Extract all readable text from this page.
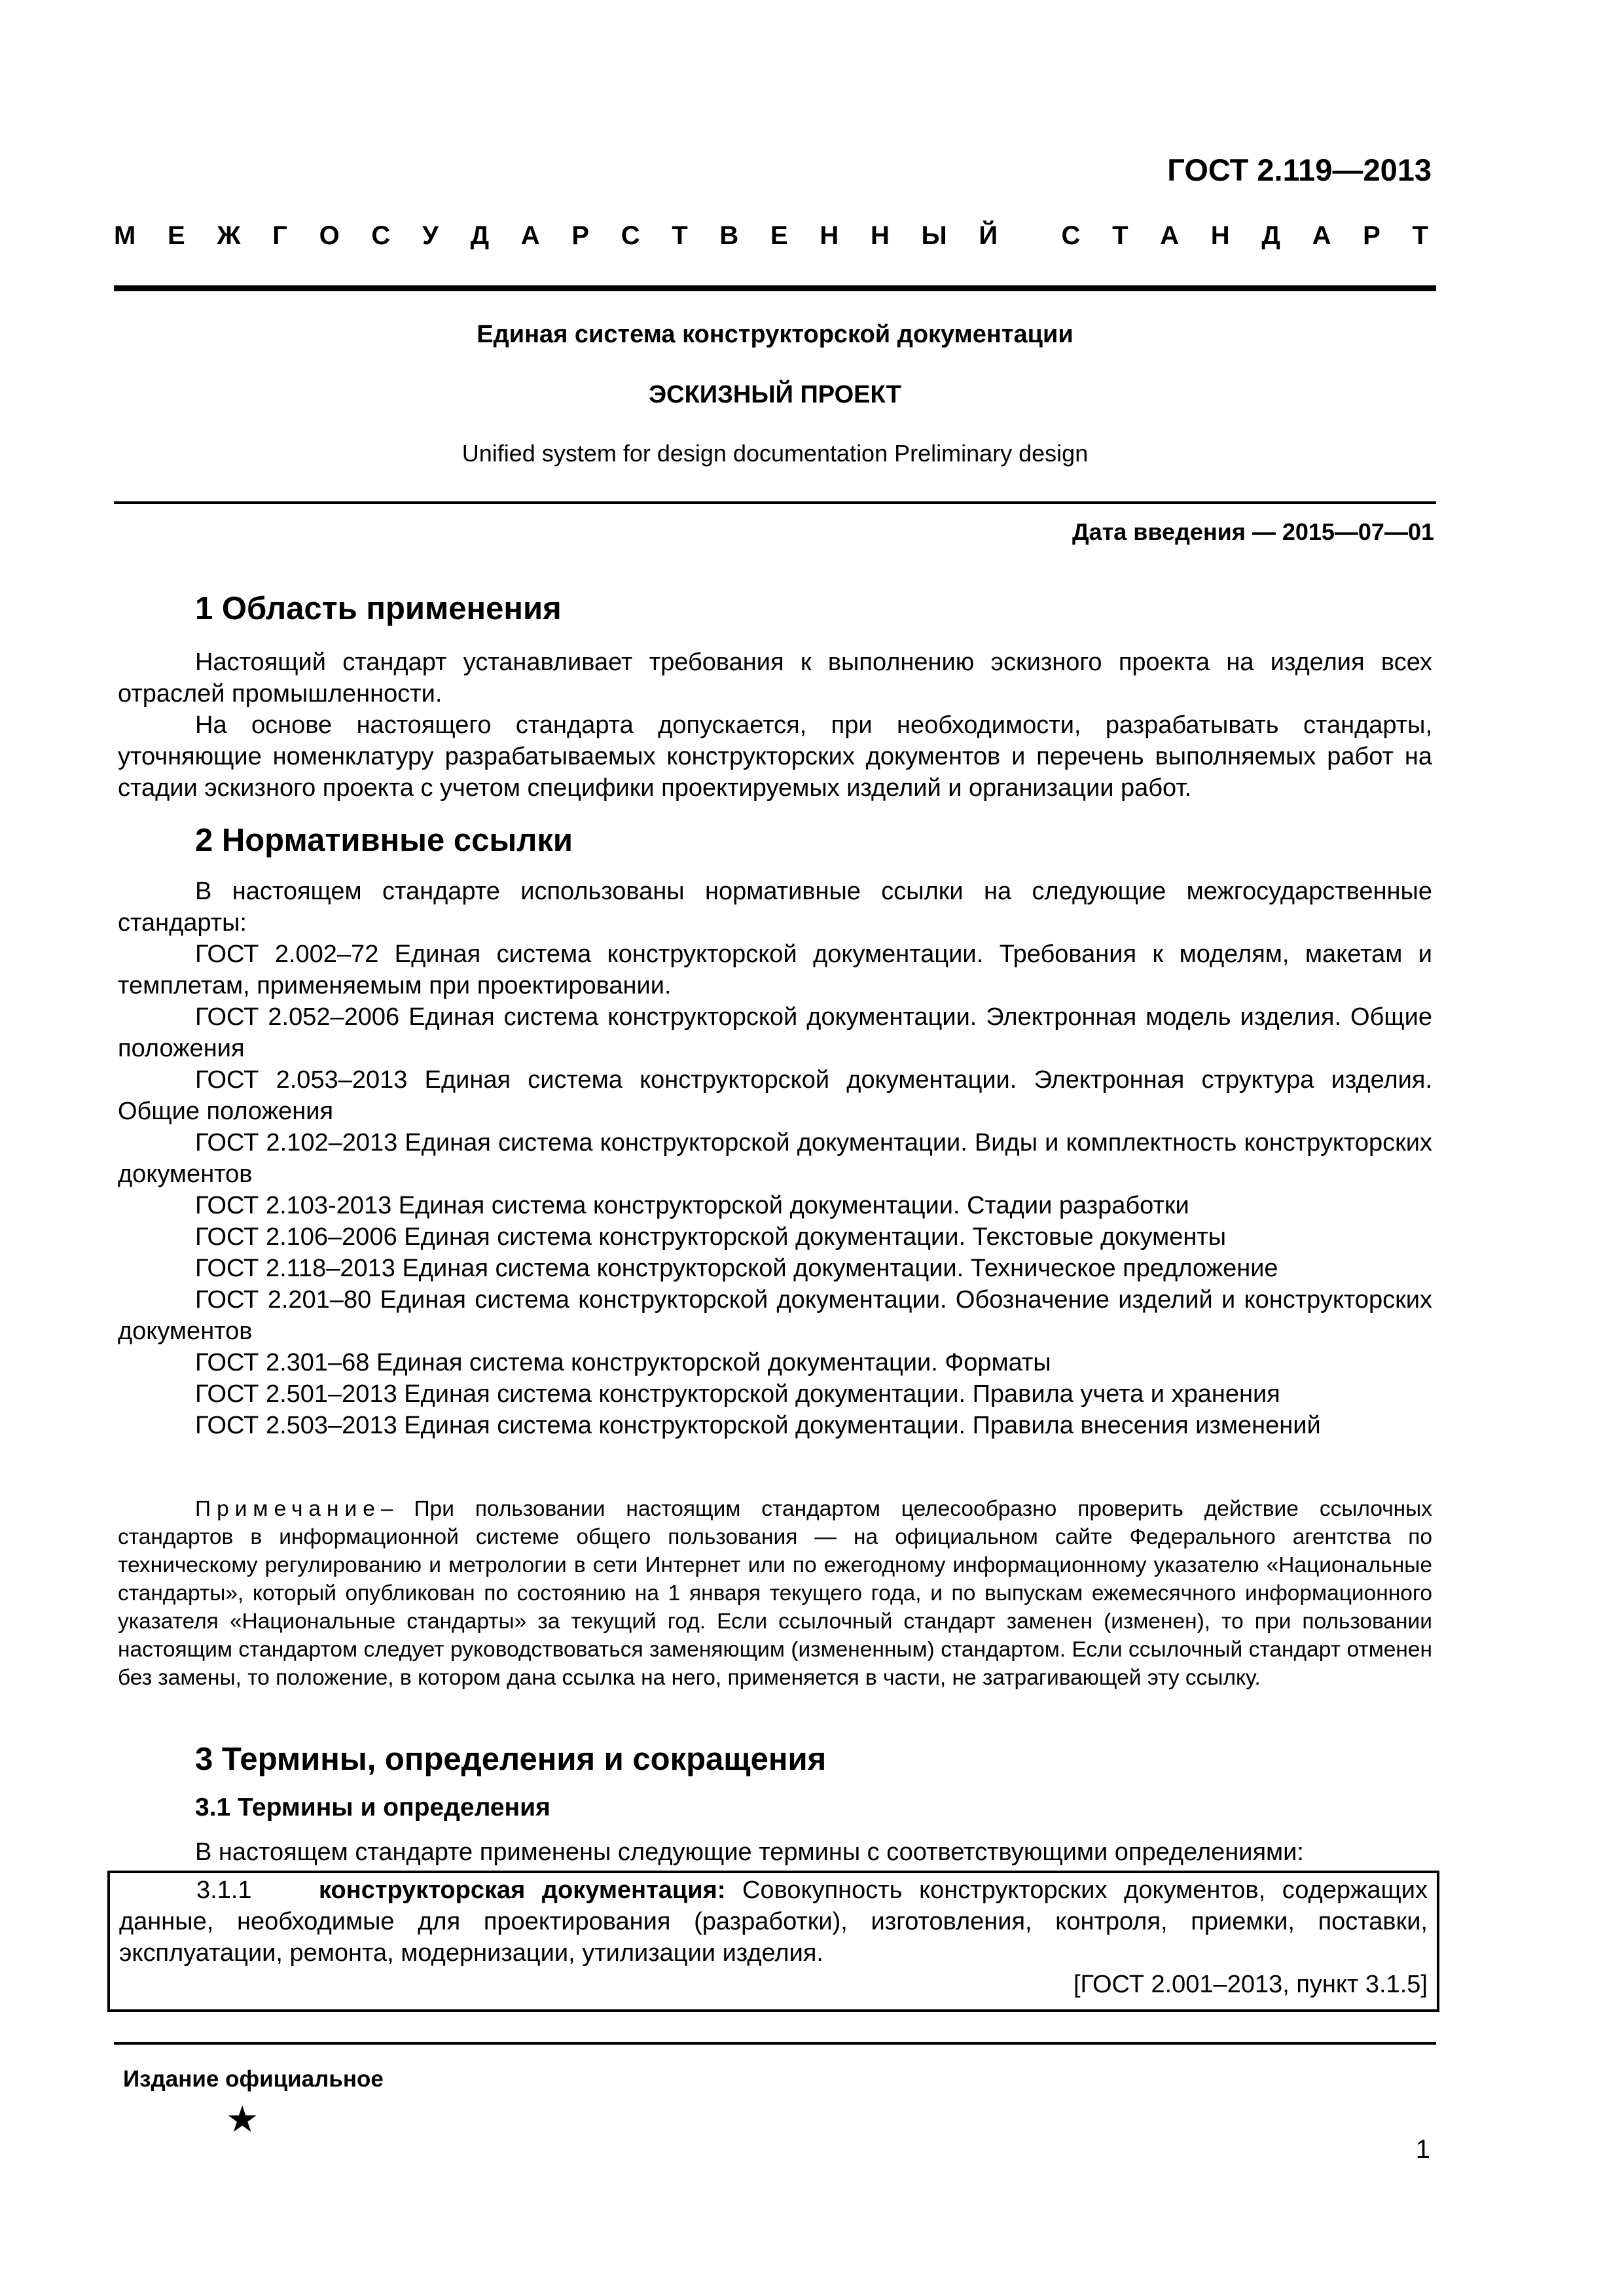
ГОСТ 2.119—2013
М Е Ж Г О С У Д А Р С Т В Е Н Н Ы Й С Т А Н Д А Р Т
Единая система конструкторской документации
ЭСКИЗНЫЙ ПРОЕКТ
Unified system for design documentation Preliminary design
Дата введения — 2015—07—01
1 Область применения

Настоящий стандарт устанавливает требования к выполнению эскизного проекта на изделия всех отраслей промышленности.

На основе настоящего стандарта допускается, при необходимости, разрабатывать стандарты, уточняющие номенклатуру разрабатываемых конструкторских документов и перечень выполняемых работ на стадии эскизного проекта с учетом специфики проектируемых изделий и организации работ.

2 Нормативные ссылки

В настоящем стандарте использованы нормативные ссылки на следующие межгосударственные стандарты:

ГОСТ 2.002–72 Единая система конструкторской документации. Требования к моделям, макетам и темплетам, применяемым при проектировании.

ГОСТ 2.052–2006 Единая система конструкторской документации. Электронная модель изделия. Общие положения

ГОСТ 2.053–2013 Единая система конструкторской документации. Электронная структура изделия. Общие положения

ГОСТ 2.102–2013 Единая система конструкторской документации. Виды и комплектность конструкторских документов

ГОСТ 2.103-2013 Единая система конструкторской документации. Стадии разработки

ГОСТ 2.106–2006 Единая система конструкторской документации. Текстовые документы

ГОСТ 2.118–2013 Единая система конструкторской документации. Техническое предложение

ГОСТ 2.201–80 Единая система конструкторской документации. Обозначение изделий и конструкторских документов

ГОСТ 2.301–68 Единая система конструкторской документации. Форматы

ГОСТ 2.501–2013 Единая система конструкторской документации. Правила учета и хранения

ГОСТ 2.503–2013 Единая система конструкторской документации. Правила внесения изменений

Примечание– При пользовании настоящим стандартом целесообразно проверить действие ссылочных стандартов в информационной системе общего пользования — на официальном сайте Федерального агентства по техническому регулированию и метрологии в сети Интернет или по ежегодному информационному указателю «Национальные стандарты», который опубликован по состоянию на 1 января текущего года, и по выпускам ежемесячного информационного указателя «Национальные стандарты» за текущий год. Если ссылочный стандарт заменен (изменен), то при пользовании настоящим стандартом следует руководствоваться заменяющим (измененным) стандартом. Если ссылочный стандарт отменен без замены, то положение, в котором дана ссылка на него, применяется в части, не затрагивающей эту ссылку.

3 Термины, определения и сокращения
3.1 Термины и определения

В настоящем стандарте применены следующие термины с соответствующими определениями:

3.1.1	конструкторская документация: Совокупность конструкторских документов, содержащих данные, необходимые для проектирования (разработки), изготовления, контроля, приемки, поставки, эксплуатации, ремонта, модернизации, утилизации изделия.

[ГОСТ 2.001–2013, пункт 3.1.5]
Издание официальное
★
1
